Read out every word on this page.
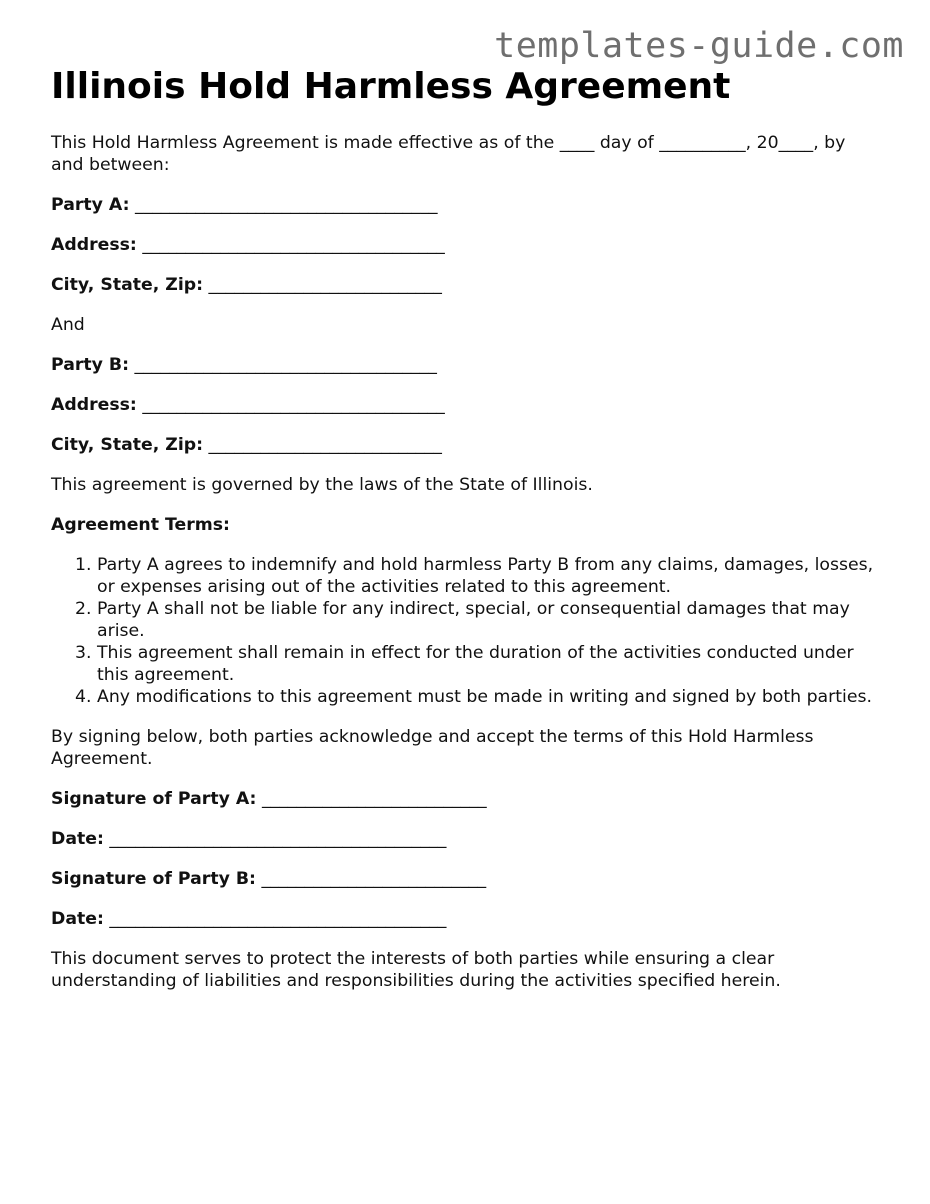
templates-guide.com
Illinois Hold Harmless Agreement

This Hold Harmless Agreement is made effective as of the ____ day of __________, 20____, by and between:

Party A: ___________________________________

Address: ___________________________________

City, State, Zip: ___________________________

And

Party B: ___________________________________

Address: ___________________________________

City, State, Zip: ___________________________

This agreement is governed by the laws of the State of Illinois.

Agreement Terms:

1. Party A agrees to indemnify and hold harmless Party B from any claims, damages, losses, or expenses arising out of the activities related to this agreement.
2. Party A shall not be liable for any indirect, special, or consequential damages that may arise.
3. This agreement shall remain in effect for the duration of the activities conducted under this agreement.
4. Any modifications to this agreement must be made in writing and signed by both parties.

By signing below, both parties acknowledge and accept the terms of this Hold Harmless Agreement.

Signature of Party A: __________________________

Date: _______________________________________

Signature of Party B: __________________________

Date: _______________________________________

This document serves to protect the interests of both parties while ensuring a clear understanding of liabilities and responsibilities during the activities specified herein.
